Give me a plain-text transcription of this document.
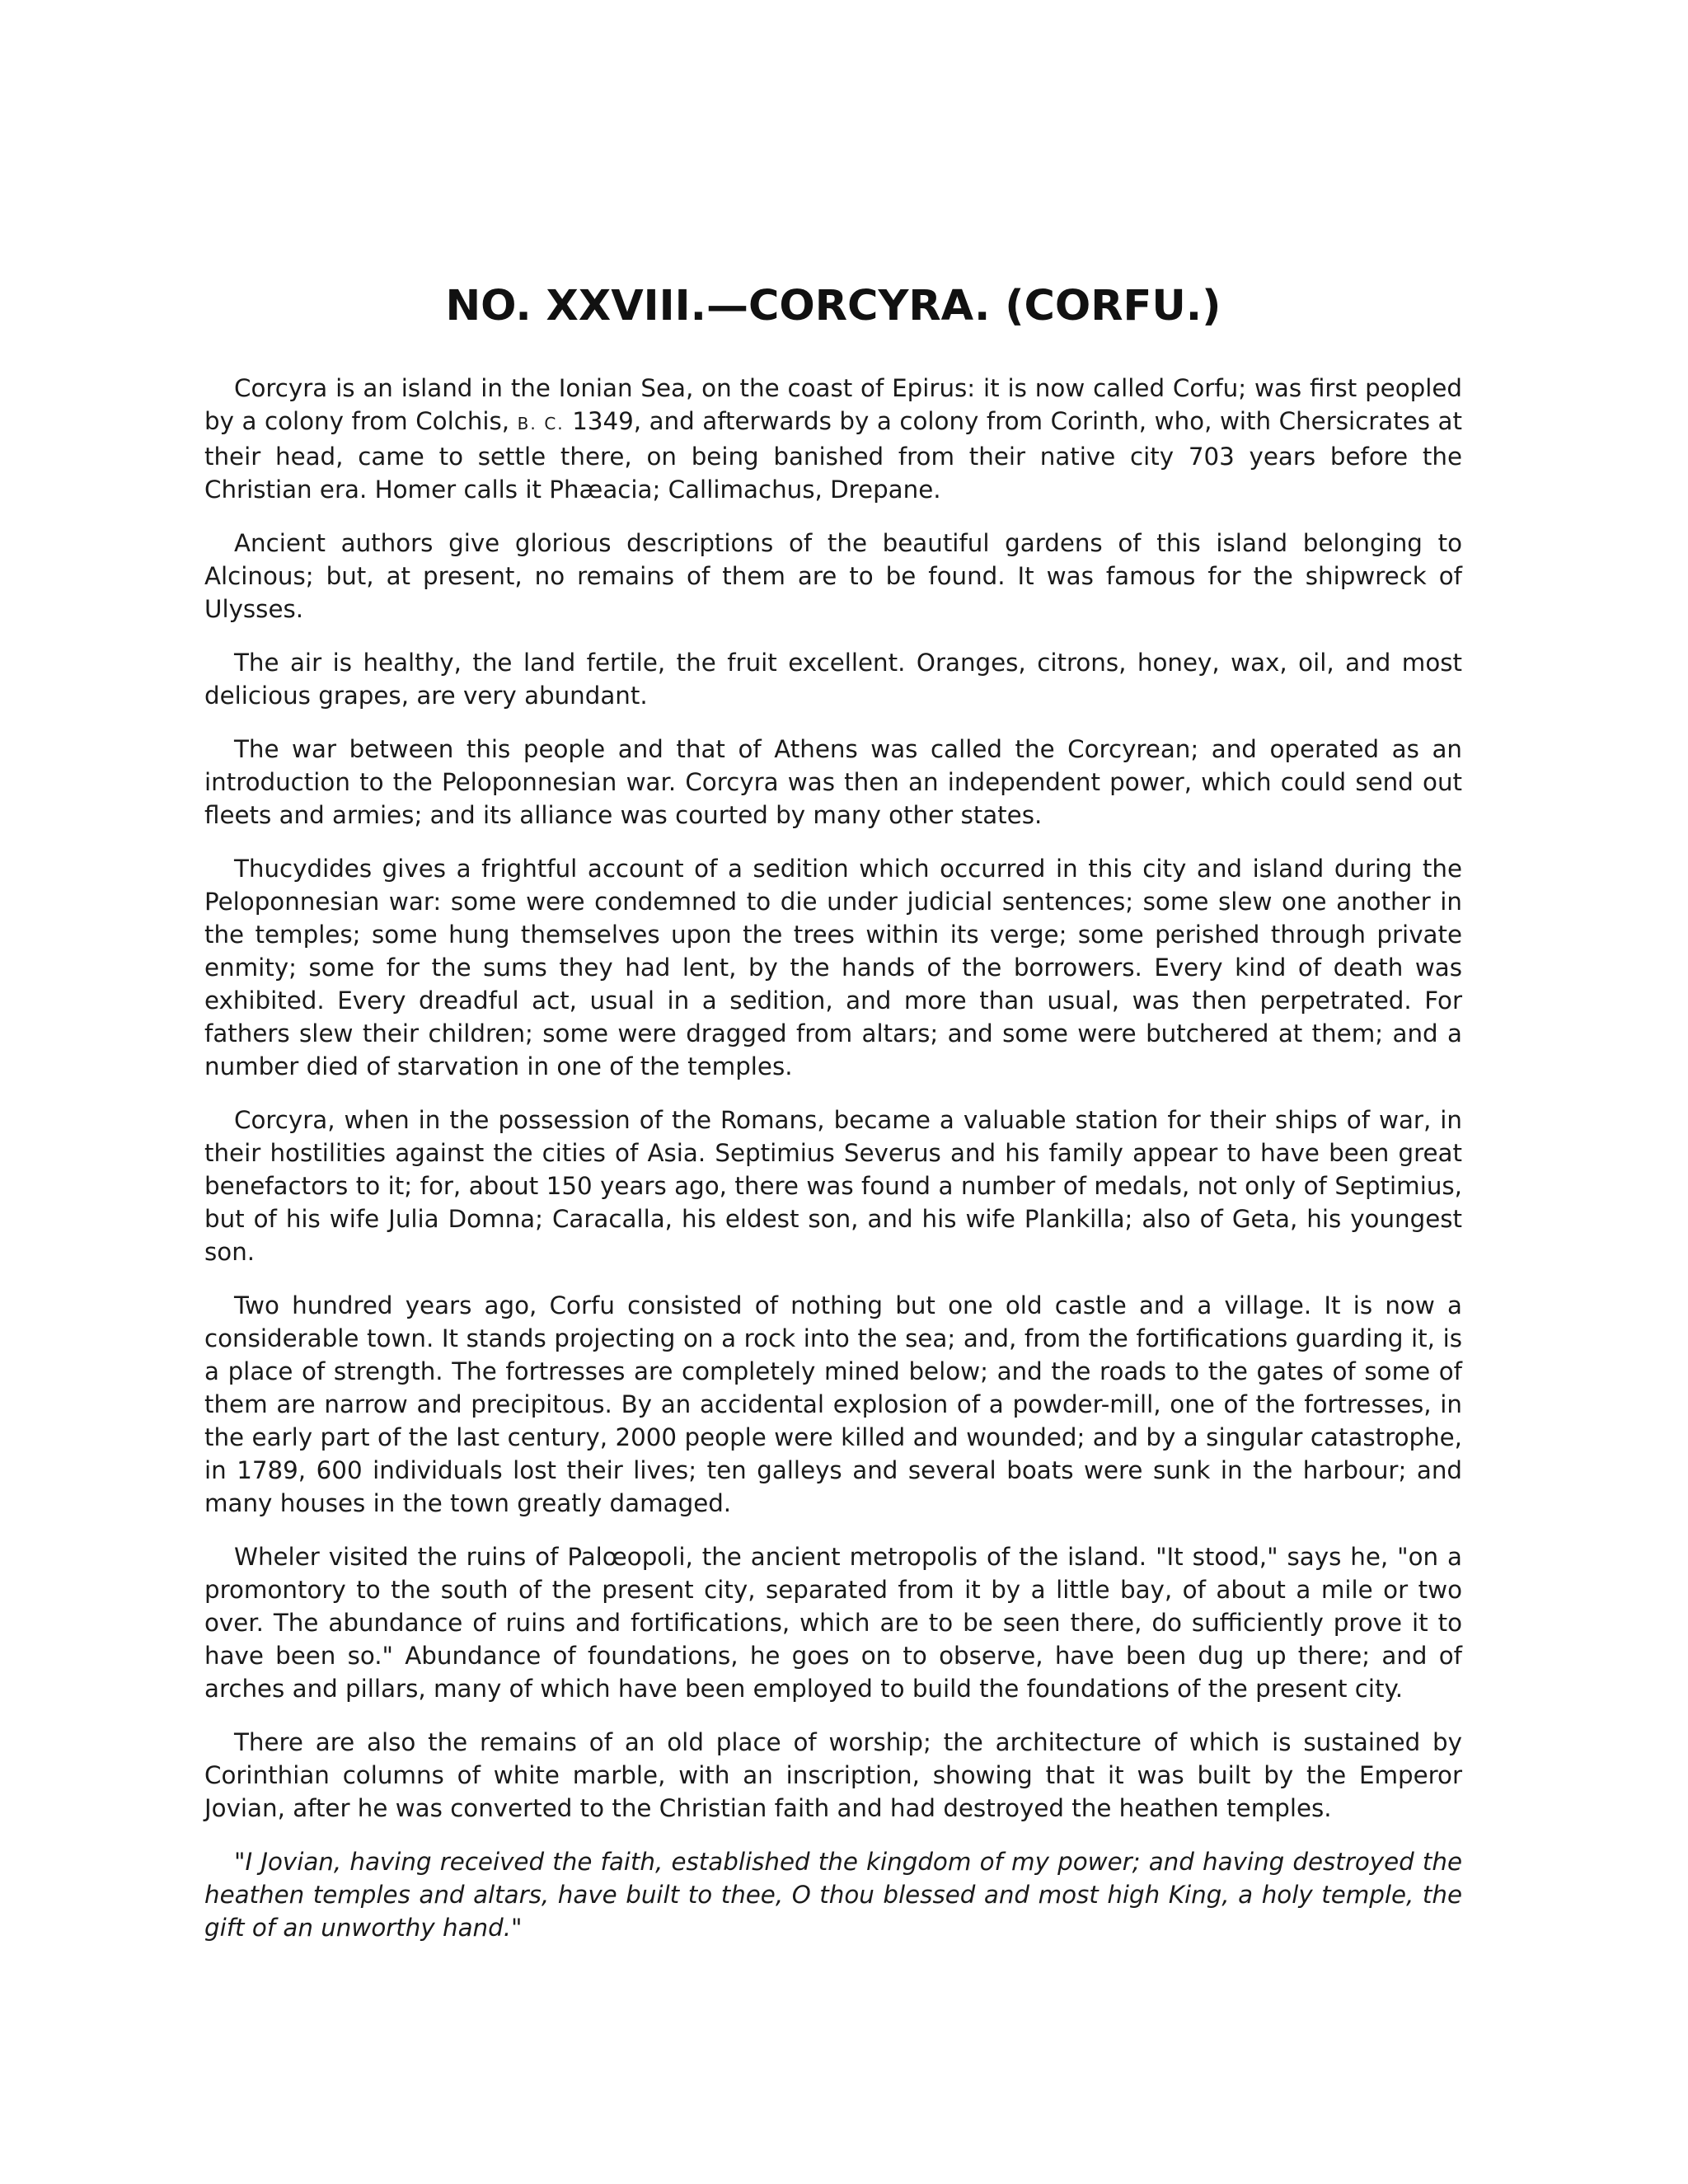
NO. XXVIII.—CORCYRA. (CORFU.)

Corcyra is an island in the Ionian Sea, on the coast of Epirus: it is now called Corfu; was first peopled by a colony from Colchis, B. C. 1349, and afterwards by a colony from Corinth, who, with Chersicrates at their head, came to settle there, on being banished from their native city 703 years before the Christian era. Homer calls it Phæacia; Callimachus, Drepane.

Ancient authors give glorious descriptions of the beautiful gardens of this island belonging to Alcinous; but, at present, no remains of them are to be found. It was famous for the shipwreck of Ulysses.

The air is healthy, the land fertile, the fruit excellent. Oranges, citrons, honey, wax, oil, and most delicious grapes, are very abundant.

The war between this people and that of Athens was called the Corcyrean; and operated as an introduction to the Peloponnesian war. Corcyra was then an independent power, which could send out fleets and armies; and its alliance was courted by many other states.

Thucydides gives a frightful account of a sedition which occurred in this city and island during the Peloponnesian war: some were condemned to die under judicial sentences; some slew one another in the temples; some hung themselves upon the trees within its verge; some perished through private enmity; some for the sums they had lent, by the hands of the borrowers. Every kind of death was exhibited. Every dreadful act, usual in a sedition, and more than usual, was then perpetrated. For fathers slew their children; some were dragged from altars; and some were butchered at them; and a number died of starvation in one of the temples.

Corcyra, when in the possession of the Romans, became a valuable station for their ships of war, in their hostilities against the cities of Asia. Septimius Severus and his family appear to have been great benefactors to it; for, about 150 years ago, there was found a number of medals, not only of Septimius, but of his wife Julia Domna; Caracalla, his eldest son, and his wife Plankilla; also of Geta, his youngest son.

Two hundred years ago, Corfu consisted of nothing but one old castle and a village. It is now a considerable town. It stands projecting on a rock into the sea; and, from the fortifications guarding it, is a place of strength. The fortresses are completely mined below; and the roads to the gates of some of them are narrow and precipitous. By an accidental explosion of a powder-mill, one of the fortresses, in the early part of the last century, 2000 people were killed and wounded; and by a singular catastrophe, in 1789, 600 individuals lost their lives; ten galleys and several boats were sunk in the harbour; and many houses in the town greatly damaged.

Wheler visited the ruins of Palœopoli, the ancient metropolis of the island. "It stood," says he, "on a promontory to the south of the present city, separated from it by a little bay, of about a mile or two over. The abundance of ruins and fortifications, which are to be seen there, do sufficiently prove it to have been so." Abundance of foundations, he goes on to observe, have been dug up there; and of arches and pillars, many of which have been employed to build the foundations of the present city.

There are also the remains of an old place of worship; the architecture of which is sustained by Corinthian columns of white marble, with an inscription, showing that it was built by the Emperor Jovian, after he was converted to the Christian faith and had destroyed the heathen temples.

"I Jovian, having received the faith, established the kingdom of my power; and having destroyed the heathen temples and altars, have built to thee, O thou blessed and most high King, a holy temple, the gift of an unworthy hand."
